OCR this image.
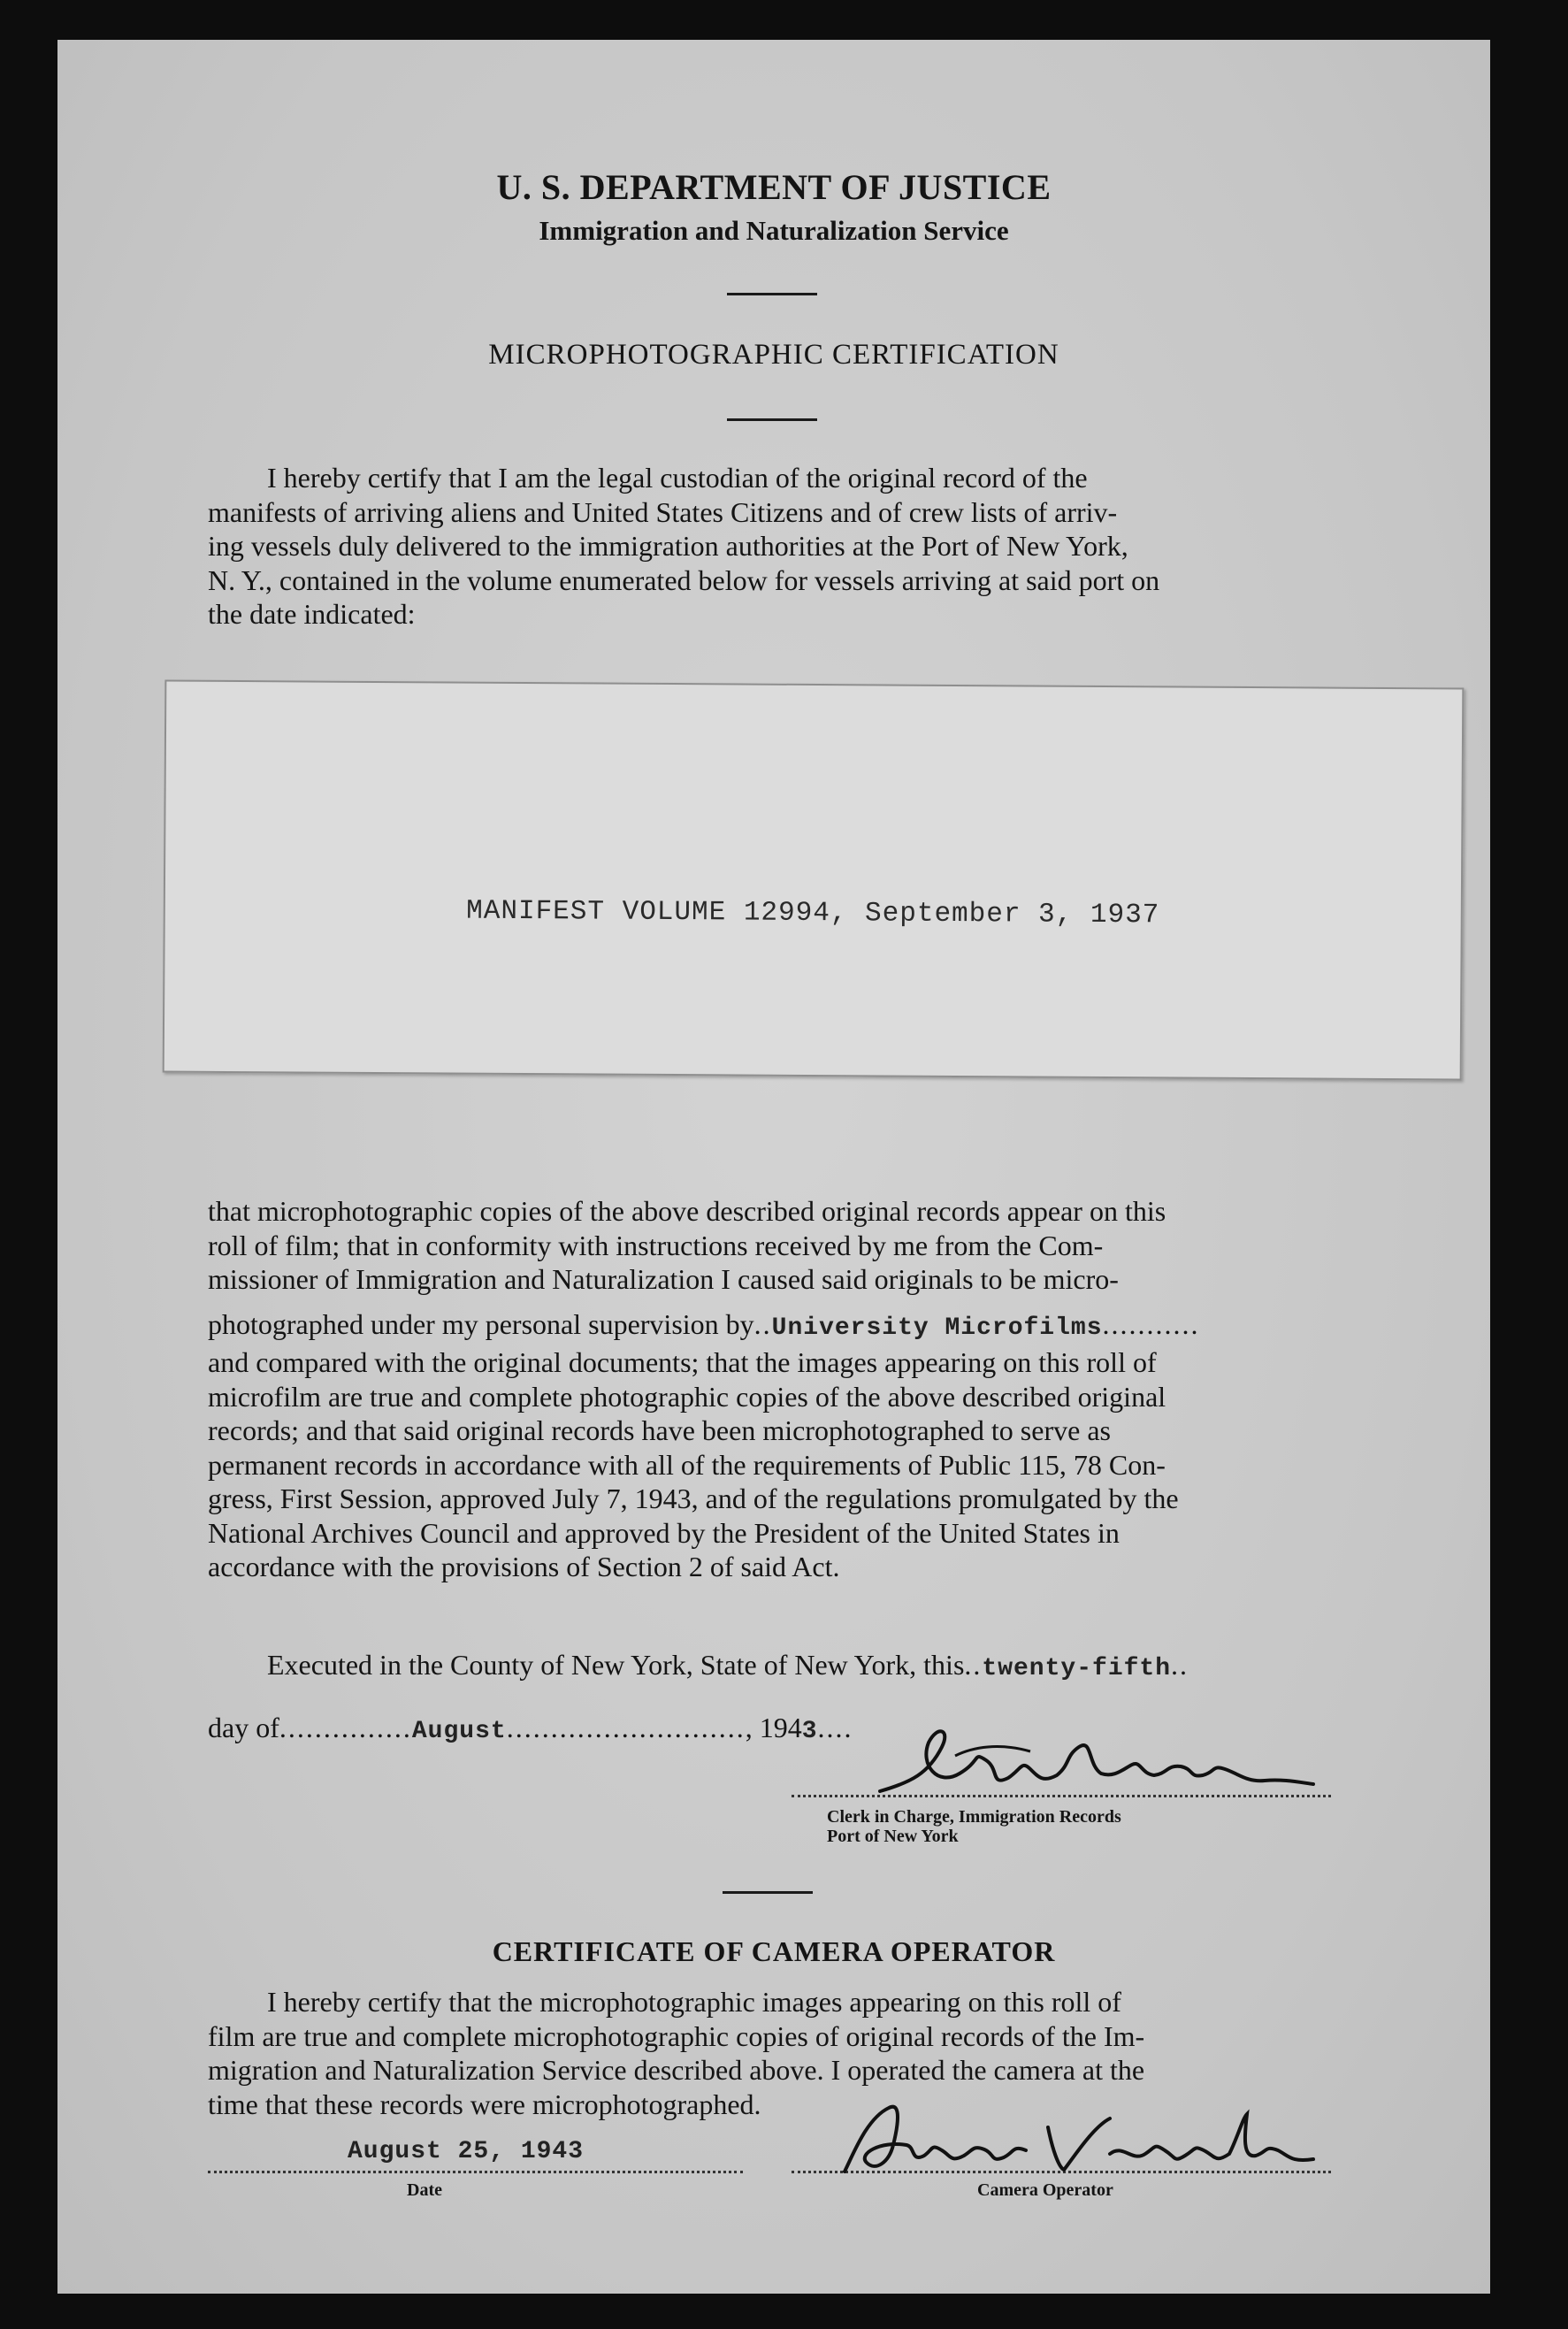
U. S. DEPARTMENT OF JUSTICE
Immigration and Naturalization Service
MICROPHOTOGRAPHIC CERTIFICATION

I hereby certify that I am the legal custodian of the original record of the

manifests of arriving aliens and United States Citizens and of crew lists of arriv-

ing vessels duly delivered to the immigration authorities at the Port of New York,

N. Y., contained in the volume enumerated below for vessels arriving at said port on

the date indicated:

MANIFEST VOLUME 12994, September 3, 1937

that microphotographic copies of the above described original records appear on this

roll of film; that in conformity with instructions received by me from the Com-

missioner of Immigration and Naturalization I caused said originals to be micro-

photographed under my personal supervision by..University Microfilms...........

and compared with the original documents; that the images appearing on this roll of

microfilm are true and complete photographic copies of the above described original

records; and that said original records have been microphotographed to serve as

permanent records in accordance with all of the requirements of Public 115, 78 Con-

gress, First Session, approved July 7, 1943, and of the regulations promulgated by the

National Archives Council and approved by the President of the United States in

accordance with the provisions of Section 2 of said Act.

Executed in the County of New York, State of New York, this..twenty-fifth..
day of...............August..........................., 1943....
Clerk in Charge, Immigration Records
Port of New York
CERTIFICATE OF CAMERA OPERATOR

I hereby certify that the microphotographic images appearing on this roll of

film are true and complete microphotographic copies of original records of the Im-

migration and Naturalization Service described above. I operated the camera at the

time that these records were microphotographed.

August 25, 1943
Date	Camera Operator
